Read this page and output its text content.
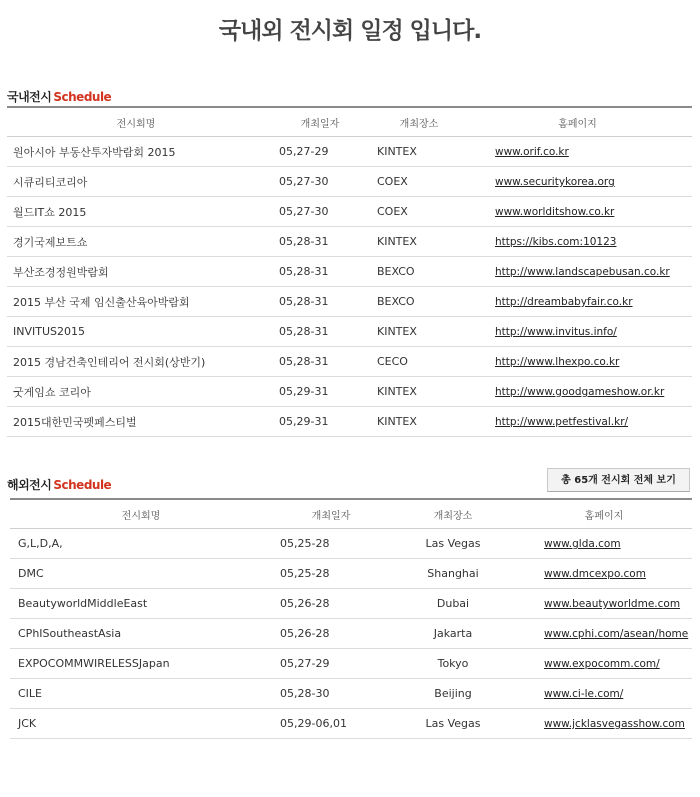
국내외 전시회 일정 입니다.
국내전시 Schedule
전시회명	개최일자	개최장소	홈페이지
원아시아 부동산투자박람회 2015	05,27-29	KINTEX	www.orif.co.kr
시큐리티코리아	05,27-30	COEX	www.securitykorea.org
월드IT쇼 2015	05,27-30	COEX	www.worlditshow.co.kr
경기국제보트쇼	05,28-31	KINTEX	https://kibs.com:10123
부산조경정원박람회	05,28-31	BEXCO	http://www.landscapebusan.co.kr
2015 부산 국제 임신출산육아박람회	05,28-31	BEXCO	http://dreambabyfair.co.kr
INVITUS2015	05,28-31	KINTEX	http://www.invitus.info/
2015 경남건축인테리어 전시회(상반기)	05,28-31	CECO	http://www.lhexpo.co.kr
굿게임쇼 코리아	05,29-31	KINTEX	http://www.goodgameshow.or.kr
2015대한민국펫페스티벌	05,29-31	KINTEX	http://www.petfestival.kr/
해외전시 Schedule	총 65개 전시회 전체 보기
전시회명	개최일자	개최장소	홈페이지
G,L,D,A,	05,25-28	Las Vegas	www.glda.com
DMC	05,25-28	Shanghai	www.dmcexpo.com
BeautyworldMiddleEast	05,26-28	Dubai	www.beautyworldme.com
CPhISoutheastAsia	05,26-28	Jakarta	www.cphi.com/asean/home
EXPOCOMMWIRELESSJapan	05,27-29	Tokyo	www.expocomm.com/
CILE	05,28-30	Beijing	www.ci-le.com/
JCK	05,29-06,01	Las Vegas	www.jcklasvegasshow.com
